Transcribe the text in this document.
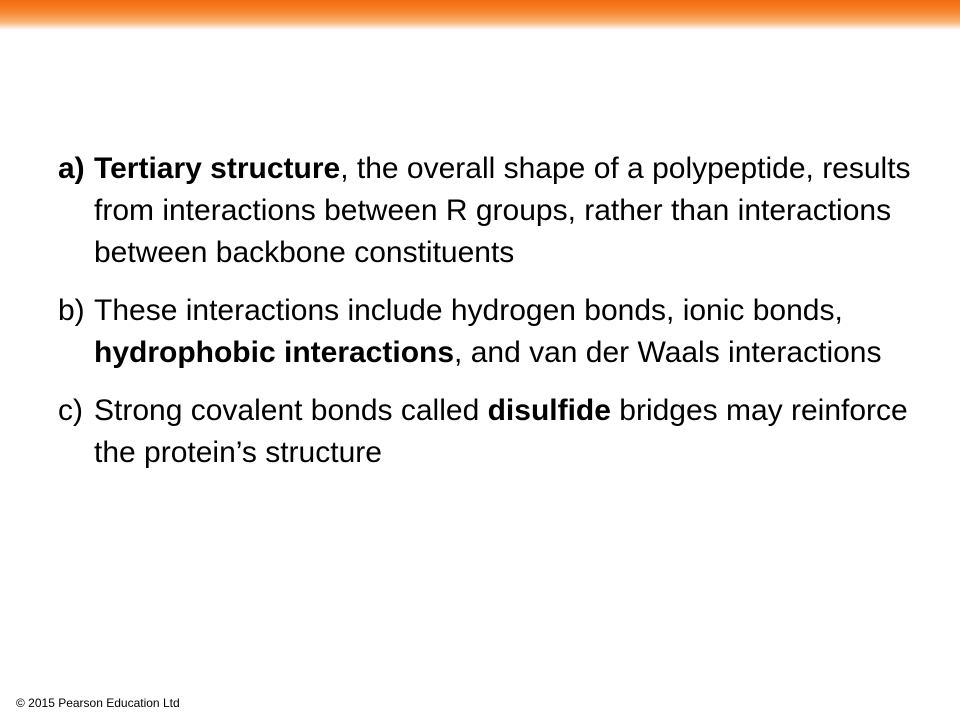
a) Tertiary structure, the overall shape of a polypeptide, results from interactions between R groups, rather than interactions between backbone constituents
b) These interactions include hydrogen bonds, ionic bonds, hydrophobic interactions, and van der Waals interactions
c) Strong covalent bonds called disulfide bridges may reinforce the protein’s structure
© 2015 Pearson Education Ltd
